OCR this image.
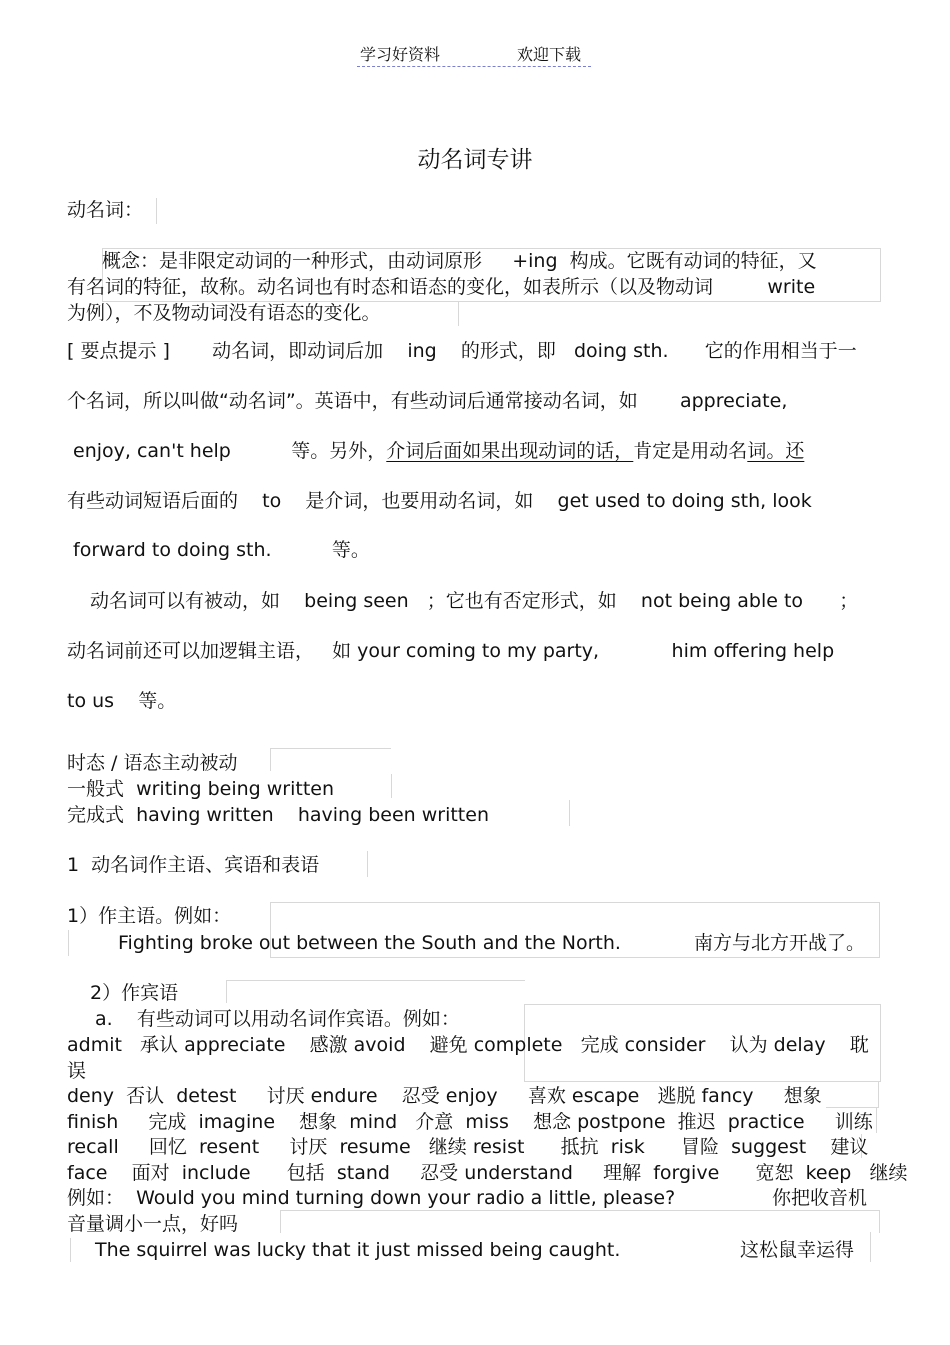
学习好资料	欢迎下载
动名词专讲
动名词：
概念：是非限定动词的一种形式，由动词原形     +ing  构成。它既有动词的特征，又
有名词的特征，故称。动名词也有时态和语态的变化，如表所示（以及物动词         write
为例），不及物动词没有语态的变化。
[ 要点提示 ]       动名词，即动词后加    ing    的形式，即   doing sth.      它的作用相当于一
个名词，所以叫做“动名词”。英语中，有些动词后通常接动名词，如       appreciate,
enjoy, can't help          等。另外，介词后面如果出现动词的话，肯定是用动名词。还
有些动词短语后面的    to    是介词，也要用动名词，如    get used to doing sth, look
forward to doing sth.          等。
动名词可以有被动，如    being seen   ；它也有否定形式，如    not being able to      ；
动名词前还可以加逻辑主语，   如 your coming to my party,            him offering help
to us    等。
时态 / 语态主动被动
一般式  writing being written
完成式  having written    having been written
1  动名词作主语、宾语和表语
1）作主语。例如：
Fighting broke out between the South and the North.	南方与北方开战了。
2）作宾语
a.    有些动词可以用动名词作宾语。例如：
admit   承认 appreciate    感激 avoid    避免 complete   完成 consider    认为 delay    耽
误
deny  否认  detest     讨厌 endure    忍受 enjoy     喜欢 escape   逃脱 fancy     想象
finish     完成  imagine    想象  mind   介意  miss    想念 postpone  推迟  practice     训练
recall     回忆  resent     讨厌  resume   继续 resist      抵抗  risk      冒险  suggest    建议
face    面对  include      包括  stand     忍受 understand     理解  forgive      宽恕  keep   继续
例如：  Would you mind turning down your radio a little, please?	你把收音机
音量调小一点，好吗
The squirrel was lucky that it just missed being caught.	这松鼠幸运得
